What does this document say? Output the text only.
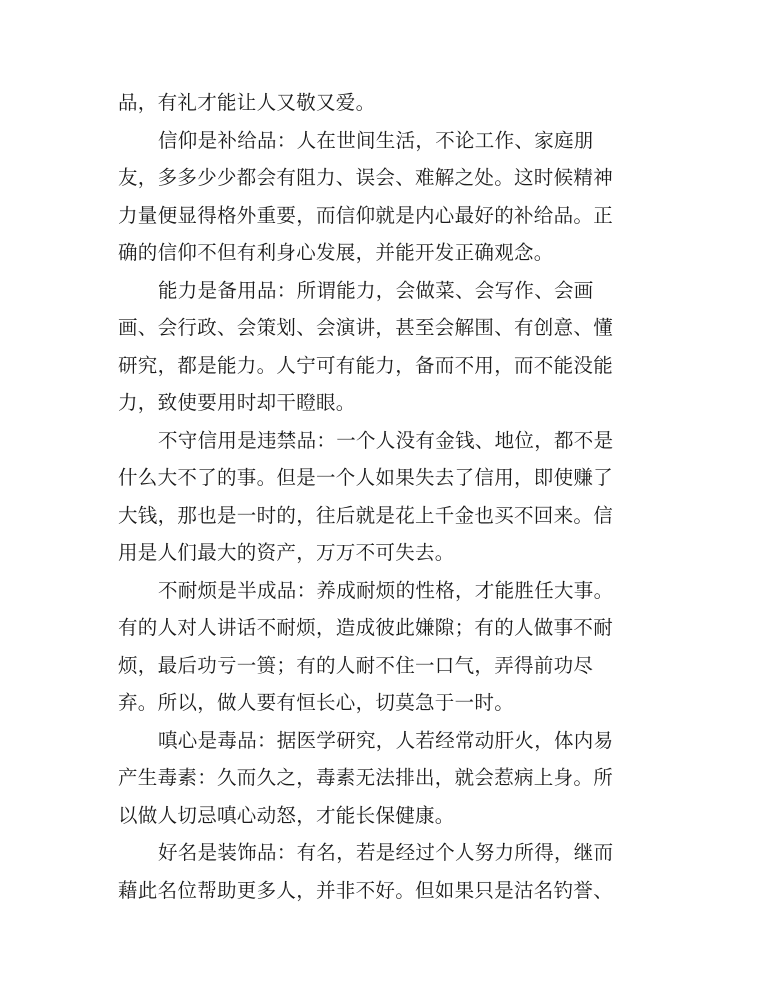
品，有礼才能让人又敬又爱。
信仰是补给品：人在世间生活，不论工作、家庭朋
友，多多少少都会有阻力、误会、难解之处。这时候精神
力量便显得格外重要，而信仰就是内心最好的补给品。正
确的信仰不但有利身心发展，并能开发正确观念。
能力是备用品：所谓能力，会做菜、会写作、会画
画、会行政、会策划、会演讲，甚至会解围、有创意、懂
研究，都是能力。人宁可有能力，备而不用，而不能没能
力，致使要用时却干瞪眼。
不守信用是违禁品：一个人没有金钱、地位，都不是
什么大不了的事。但是一个人如果失去了信用，即使赚了
大钱，那也是一时的，往后就是花上千金也买不回来。信
用是人们最大的资产，万万不可失去。
不耐烦是半成品：养成耐烦的性格，才能胜任大事。
有的人对人讲话不耐烦，造成彼此嫌隙；有的人做事不耐
烦，最后功亏一篑；有的人耐不住一口气，弄得前功尽
弃。所以，做人要有恒长心，切莫急于一时。
嗔心是毒品：据医学研究，人若经常动肝火，体内易
产生毒素：久而久之，毒素无法排出，就会惹病上身。所
以做人切忌嗔心动怒，才能长保健康。
好名是装饰品：有名，若是经过个人努力所得，继而
藉此名位帮助更多人，并非不好。但如果只是沽名钓誉、
